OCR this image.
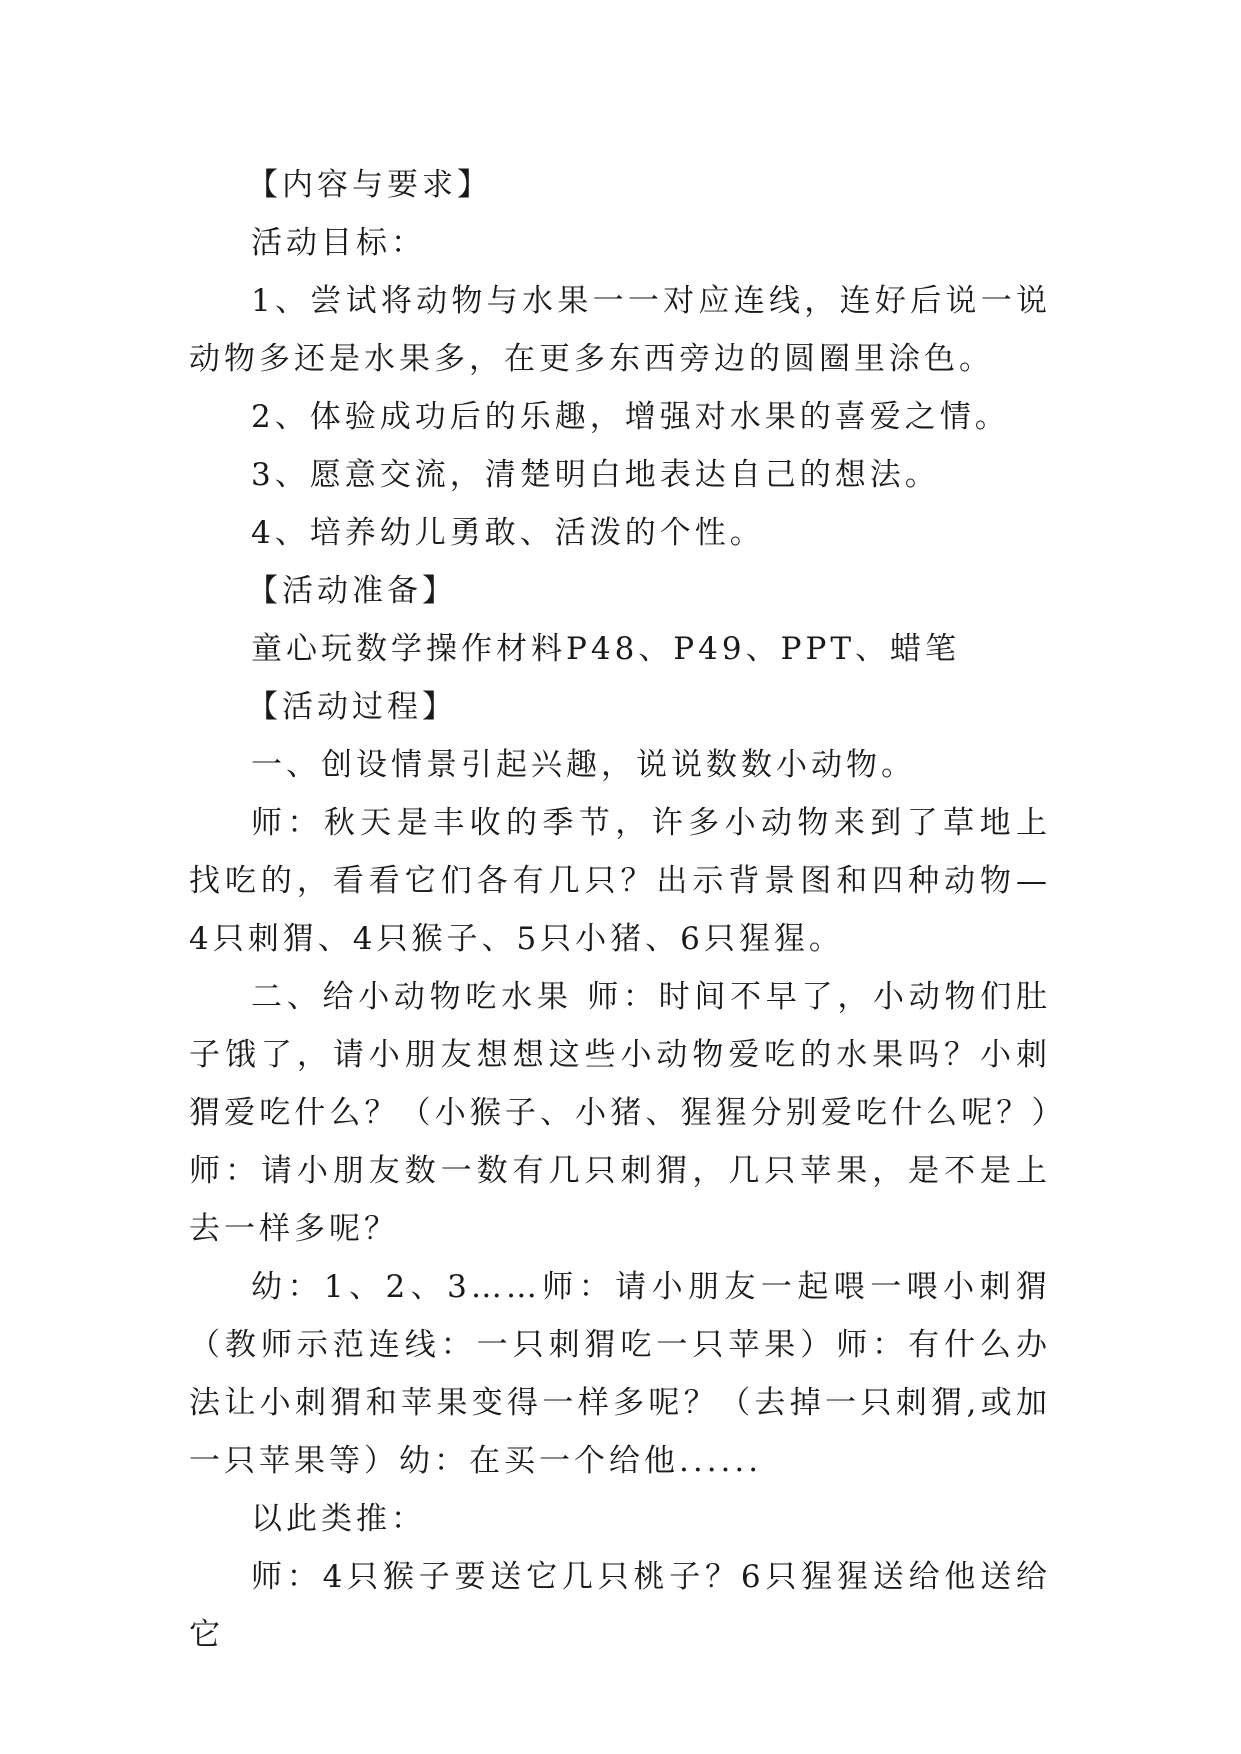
【内容与要求】

活动目标：

1、尝试将动物与水果一一对应连线，连好后说一说动物多还是水果多，在更多东西旁边的圆圈里涂色。

2、体验成功后的乐趣，增强对水果的喜爱之情。

3、愿意交流，清楚明白地表达自己的想法。

4、培养幼儿勇敢、活泼的个性。

【活动准备】

童心玩数学操作材料P48、P49、PPT、蜡笔

【活动过程】

一、创设情景引起兴趣，说说数数小动物。

师：秋天是丰收的季节，许多小动物来到了草地上找吃的，看看它们各有几只？出示背景图和四种动物—4只刺猬、4只猴子、5只小猪、6只猩猩。

二、给小动物吃水果 师：时间不早了，小动物们肚子饿了，请小朋友想想这些小动物爱吃的水果吗？小刺猬爱吃什么？（小猴子、小猪、猩猩分别爱吃什么呢？）师：请小朋友数一数有几只刺猬，几只苹果，是不是上去一样多呢？

幼：1、2、3……师：请小朋友一起喂一喂小刺猬（教师示范连线：一只刺猬吃一只苹果）师：有什么办法让小刺猬和苹果变得一样多呢？（去掉一只刺猬,或加一只苹果等）幼：在买一个给他......

以此类推：

师：4只猴子要送它几只桃子？6只猩猩送给他送给它
